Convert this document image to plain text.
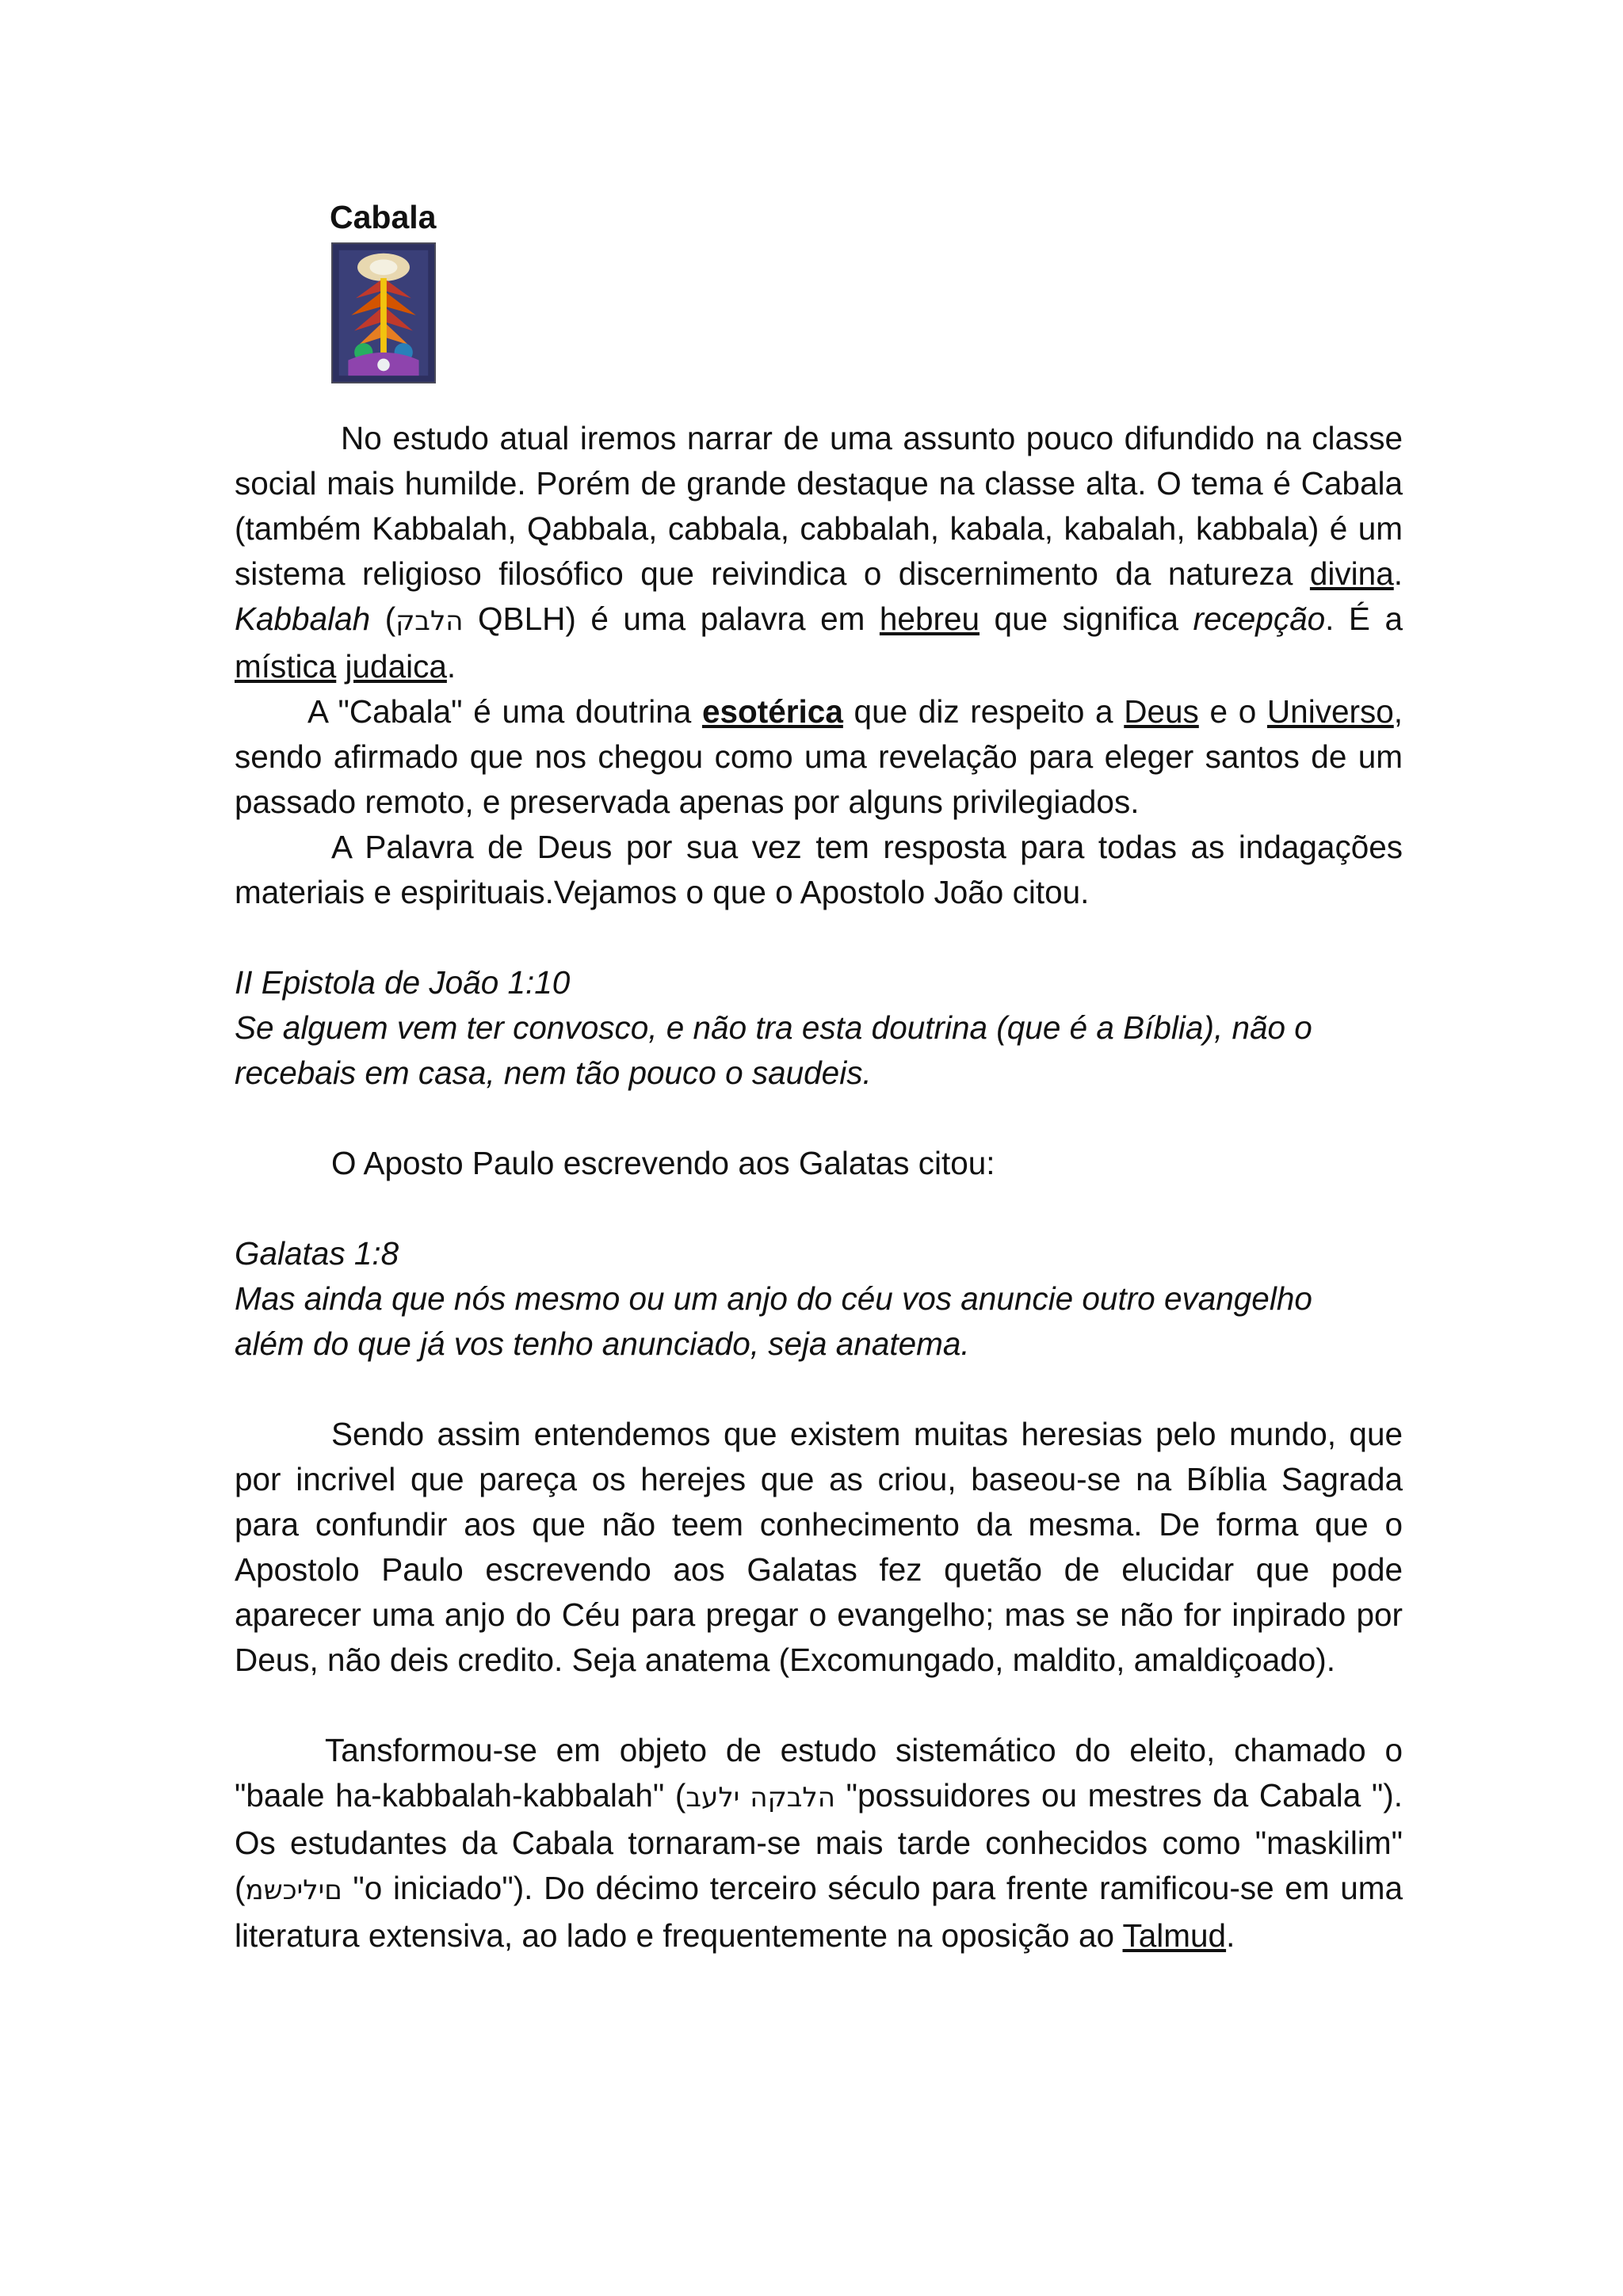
Cabala

No estudo atual iremos narrar de uma assunto pouco difundido na classe social mais humilde. Porém de grande destaque na classe alta. O tema é Cabala (também Kabbalah, Qabbala, cabbala, cabbalah, kabala, kabalah, kabbala) é um sistema religioso filosófico que reivindica o discernimento da natureza divina. Kabbalah (הלבק QBLH) é uma palavra em hebreu que significa recepção. É a mística judaica.

A "Cabala" é uma doutrina esotérica que diz respeito a Deus e o Universo, sendo afirmado que nos chegou como uma revelação para eleger santos de um passado remoto, e preservada apenas por alguns privilegiados.

A Palavra de Deus por sua vez tem resposta para todas as indagações materiais e espirituais.Vejamos o que o Apostolo João citou.

II Epistola de João 1:10

Se alguem vem ter convosco, e não tra esta doutrina (que é a Bíblia), não o

recebais em casa, nem tão pouco o saudeis.

O Aposto Paulo escrevendo aos Galatas citou:

Galatas 1:8

Mas ainda que nós mesmo ou um anjo do céu vos anuncie outro evangelho

além do que já vos tenho anunciado, seja anatema.

Sendo assim entendemos que existem muitas heresias pelo mundo, que por incrivel que pareça os herejes que as criou, baseou-se na Bíblia Sagrada para confundir aos que não teem conhecimento da mesma. De forma que o Apostolo Paulo escrevendo aos Galatas fez quetão de elucidar que pode aparecer uma anjo do Céu para pregar o evangelho; mas se não for inpirado por Deus, não deis credito. Seja anatema (Excomungado, maldito, amaldiçoado).

Tansformou-se em objeto de estudo sistemático do eleito, chamado o "baale ha-kabbalah-kabbalah" (הלבקה ילעב "possuidores ou mestres da Cabala "). Os estudantes da Cabala tornaram-se mais tarde conhecidos como "maskilim" (םיליכשמ "o iniciado"). Do décimo terceiro século para frente ramificou-se em uma literatura extensiva, ao lado e frequentemente na oposição ao Talmud.
